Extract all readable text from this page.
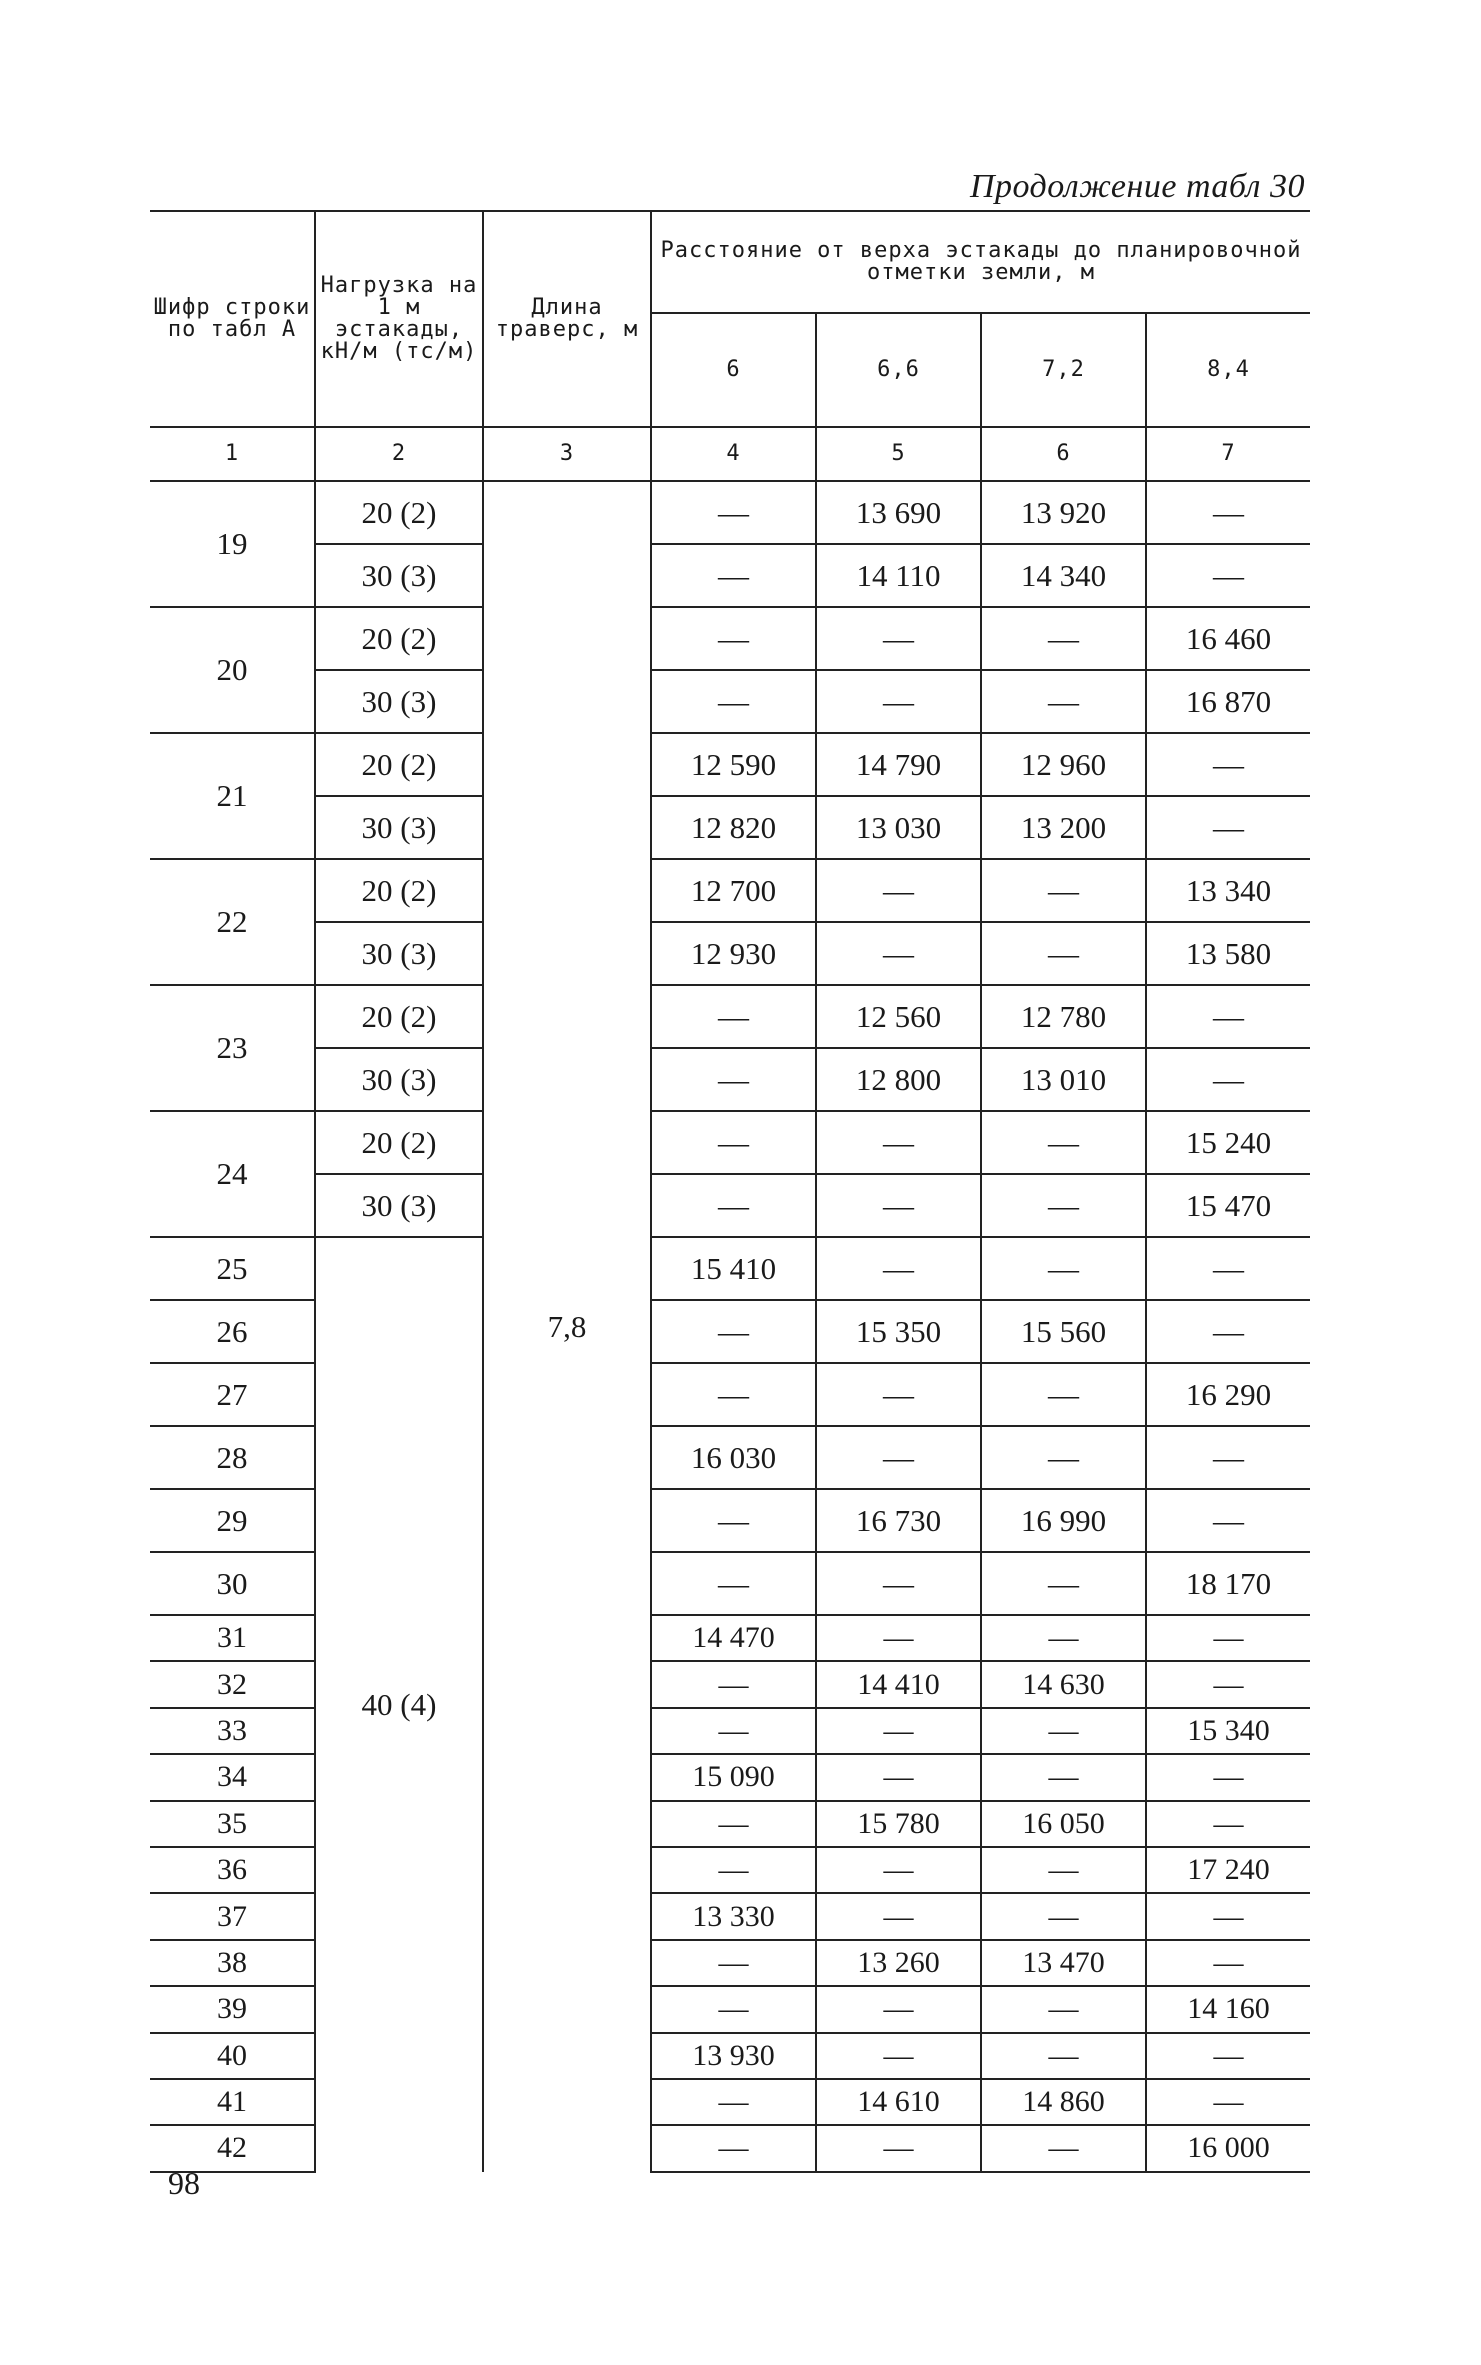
Продолжение табл 30
Шифр строки по табл А	Нагрузка на 1 м эстакады, кН/м (тс/м)	Длина траверс, м	Расстояние от верха эстакады до планировочной отметки земли, м			
			6	6,6	7,2	8,4
1	2	3	4	5	6	7
19	20 (2)	7,8	—	13 690	13 920	—
	30 (3)		—	14 110	14 340	—
20	20 (2)		—	—	—	16 460
	30 (3)		—	—	—	16 870
21	20 (2)		12 590	14 790	12 960	—
	30 (3)		12 820	13 030	13 200	—
22	20 (2)		12 700	—	—	13 340
	30 (3)		12 930	—	—	13 580
23	20 (2)		—	12 560	12 780	—
	30 (3)		—	12 800	13 010	—
24	20 (2)		—	—	—	15 240
	30 (3)		—	—	—	15 470
25	40 (4)		15 410	—	—	—
26			—	15 350	15 560	—
27			—	—	—	16 290
28			16 030	—	—	—
29			—	16 730	16 990	—
30			—	—	—	18 170
31			14 470	—	—	—
32			—	14 410	14 630	—
33			—	—	—	15 340
34			15 090	—	—	—
35			—	15 780	16 050	—
36			—	—	—	17 240
37			13 330	—	—	—
38			—	13 260	13 470	—
39			—	—	—	14 160
40			13 930	—	—	—
41			—	14 610	14 860	—
42			—	—	—	16 000
98
